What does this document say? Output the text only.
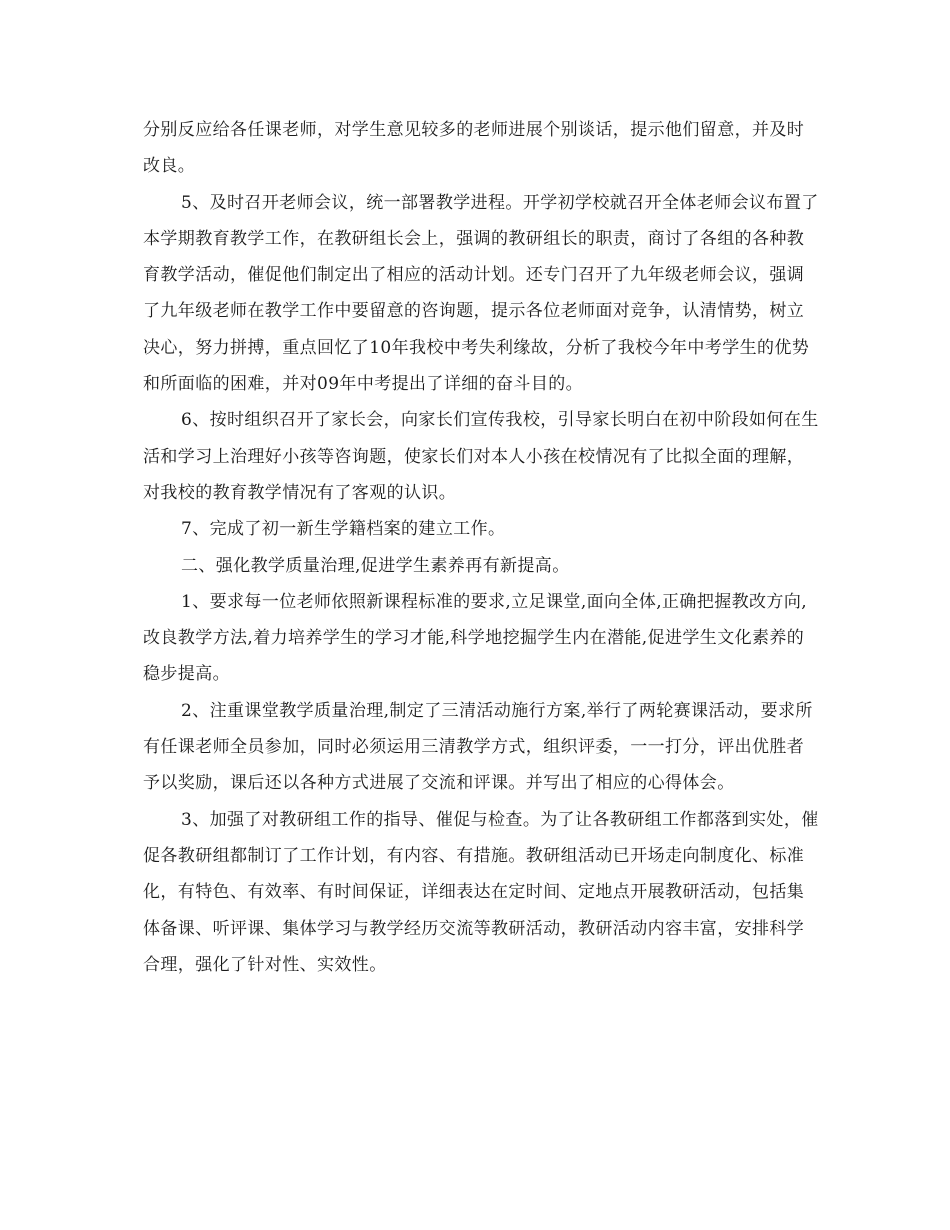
分别反应给各任课老师，对学生意见较多的老师进展个别谈话，提示他们留意，并及时改良。

5、及时召开老师会议，统一部署教学进程。开学初学校就召开全体老师会议布置了本学期教育教学工作，在教研组长会上，强调的教研组长的职责，商讨了各组的各种教育教学活动，催促他们制定出了相应的活动计划。还专门召开了九年级老师会议，强调了九年级老师在教学工作中要留意的咨询题，提示各位老师面对竞争，认清情势，树立决心，努力拼搏，重点回忆了10年我校中考失利缘故，分析了我校今年中考学生的优势和所面临的困难，并对09年中考提出了详细的奋斗目的。

6、按时组织召开了家长会，向家长们宣传我校，引导家长明白在初中阶段如何在生活和学习上治理好小孩等咨询题，使家长们对本人小孩在校情况有了比拟全面的理解，对我校的教育教学情况有了客观的认识。

7、完成了初一新生学籍档案的建立工作。

二、强化教学质量治理,促进学生素养再有新提高。

1、要求每一位老师依照新课程标准的要求,立足课堂,面向全体,正确把握教改方向,改良教学方法,着力培养学生的学习才能,科学地挖掘学生内在潜能,促进学生文化素养的稳步提高。

2、注重课堂教学质量治理,制定了三清活动施行方案,举行了两轮赛课活动，要求所有任课老师全员参加，同时必须运用三清教学方式，组织评委，一一打分，评出优胜者予以奖励，课后还以各种方式进展了交流和评课。并写出了相应的心得体会。

3、加强了对教研组工作的指导、催促与检查。为了让各教研组工作都落到实处，催促各教研组都制订了工作计划，有内容、有措施。教研组活动已开场走向制度化、标准化，有特色、有效率、有时间保证，详细表达在定时间、定地点开展教研活动，包括集体备课、听评课、集体学习与教学经历交流等教研活动，教研活动内容丰富，安排科学合理，强化了针对性、实效性。
